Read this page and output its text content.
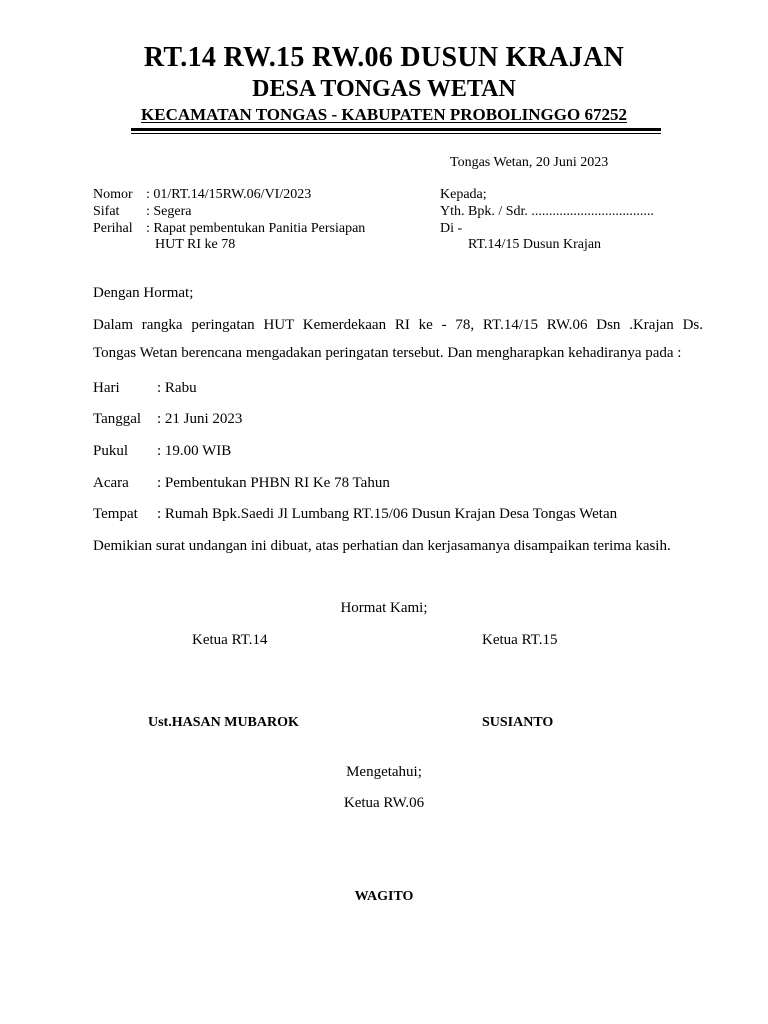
RT.14 RW.15 RW.06 DUSUN KRAJAN
DESA TONGAS WETAN
KECAMATAN TONGAS - KABUPATEN PROBOLINGGO 67252
Tongas Wetan, 20 Juni 2023
Nomor : 01/RT.14/15RW.06/VI/2023
Sifat : Segera
Perihal : Rapat pembentukan Panitia Persiapan
HUT RI ke 78
Kepada;
Yth. Bpk. / Sdr. ...................................
Di -
RT.14/15 Dusun Krajan
Dengan Hormat;
Dalam rangka peringatan HUT Kemerdekaan RI ke - 78, RT.14/15 RW.06 Dsn .Krajan Ds.
Tongas Wetan berencana mengadakan peringatan tersebut. Dan mengharapkan kehadiranya pada :
Hari : Rabu
Tanggal : 21 Juni 2023
Pukul : 19.00 WIB
Acara : Pembentukan PHBN RI Ke 78 Tahun
Tempat : Rumah Bpk.Saedi Jl Lumbang RT.15/06 Dusun Krajan Desa Tongas Wetan
Demikian surat undangan ini dibuat, atas perhatian dan kerjasamanya disampaikan terima kasih.
Hormat Kami;
Ketua RT.14	Ketua RT.15
Ust.HASAN MUBAROK	SUSIANTO
Mengetahui;
Ketua RW.06
WAGITO
